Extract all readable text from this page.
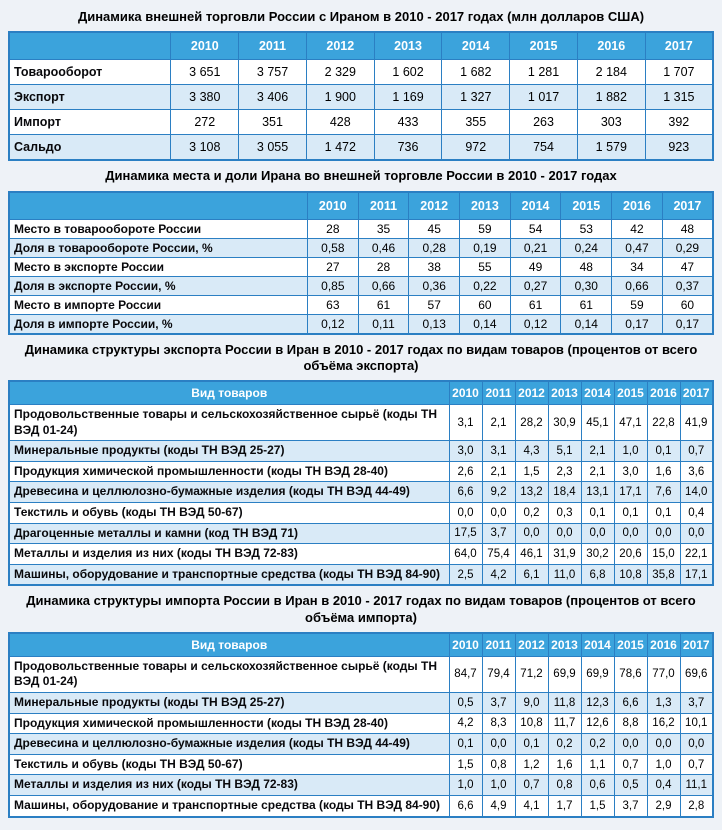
Динамика внешней торговли России с Ираном в 2010 - 2017 годах (млн долларов США)
	2010	2011	2012	2013	2014	2015	2016	2017
Товарооборот	3 651	3 757	2 329	1 602	1 682	1 281	2 184	1 707
Экспорт	3 380	3 406	1 900	1 169	1 327	1 017	1 882	1 315
Импорт	272	351	428	433	355	263	303	392
Сальдо	3 108	3 055	1 472	736	972	754	1 579	923
Динамика места и доли Ирана во внешней торговле России в 2010 - 2017 годах
	2010	2011	2012	2013	2014	2015	2016	2017
Место в товарообороте России	28	35	45	59	54	53	42	48
Доля в товарообороте России, %	0,58	0,46	0,28	0,19	0,21	0,24	0,47	0,29
Место в экспорте России	27	28	38	55	49	48	34	47
Доля в экспорте России, %	0,85	0,66	0,36	0,22	0,27	0,30	0,66	0,37
Место в импорте России	63	61	57	60	61	61	59	60
Доля в импорте России, %	0,12	0,11	0,13	0,14	0,12	0,14	0,17	0,17
Динамика структуры экспорта России в Иран в 2010 - 2017 годах по видам товаров (процентов от всего объёма экспорта)
Вид товаров	2010	2011	2012	2013	2014	2015	2016	2017
Продовольственные товары и сельскохозяйственное сырьё (коды ТН ВЭД 01-24)	3,1	2,1	28,2	30,9	45,1	47,1	22,8	41,9
Минеральные продукты (коды ТН ВЭД 25-27)	3,0	3,1	4,3	5,1	2,1	1,0	0,1	0,7
Продукция химической промышленности (коды ТН ВЭД 28-40)	2,6	2,1	1,5	2,3	2,1	3,0	1,6	3,6
Древесина и целлюлозно-бумажные изделия (коды ТН ВЭД 44-49)	6,6	9,2	13,2	18,4	13,1	17,1	7,6	14,0
Текстиль и обувь (коды ТН ВЭД 50-67)	0,0	0,0	0,2	0,3	0,1	0,1	0,1	0,4
Драгоценные металлы и камни (код ТН ВЭД 71)	17,5	3,7	0,0	0,0	0,0	0,0	0,0	0,0
Металлы и изделия из них (коды ТН ВЭД 72-83)	64,0	75,4	46,1	31,9	30,2	20,6	15,0	22,1
Машины, оборудование и транспортные средства (коды ТН ВЭД 84-90)	2,5	4,2	6,1	11,0	6,8	10,8	35,8	17,1
Динамика структуры импорта России в Иран в 2010 - 2017 годах по видам товаров (процентов от всего объёма импорта)
Вид товаров	2010	2011	2012	2013	2014	2015	2016	2017
Продовольственные товары и сельскохозяйственное сырьё (коды ТН ВЭД 01-24)	84,7	79,4	71,2	69,9	69,9	78,6	77,0	69,6
Минеральные продукты (коды ТН ВЭД 25-27)	0,5	3,7	9,0	11,8	12,3	6,6	1,3	3,7
Продукция химической промышленности (коды ТН ВЭД 28-40)	4,2	8,3	10,8	11,7	12,6	8,8	16,2	10,1
Древесина и целлюлозно-бумажные изделия (коды ТН ВЭД 44-49)	0,1	0,0	0,1	0,2	0,2	0,0	0,0	0,0
Текстиль и обувь (коды ТН ВЭД 50-67)	1,5	0,8	1,2	1,6	1,1	0,7	1,0	0,7
Металлы и изделия из них (коды ТН ВЭД 72-83)	1,0	1,0	0,7	0,8	0,6	0,5	0,4	11,1
Машины, оборудование и транспортные средства (коды ТН ВЭД 84-90)	6,6	4,9	4,1	1,7	1,5	3,7	2,9	2,8
